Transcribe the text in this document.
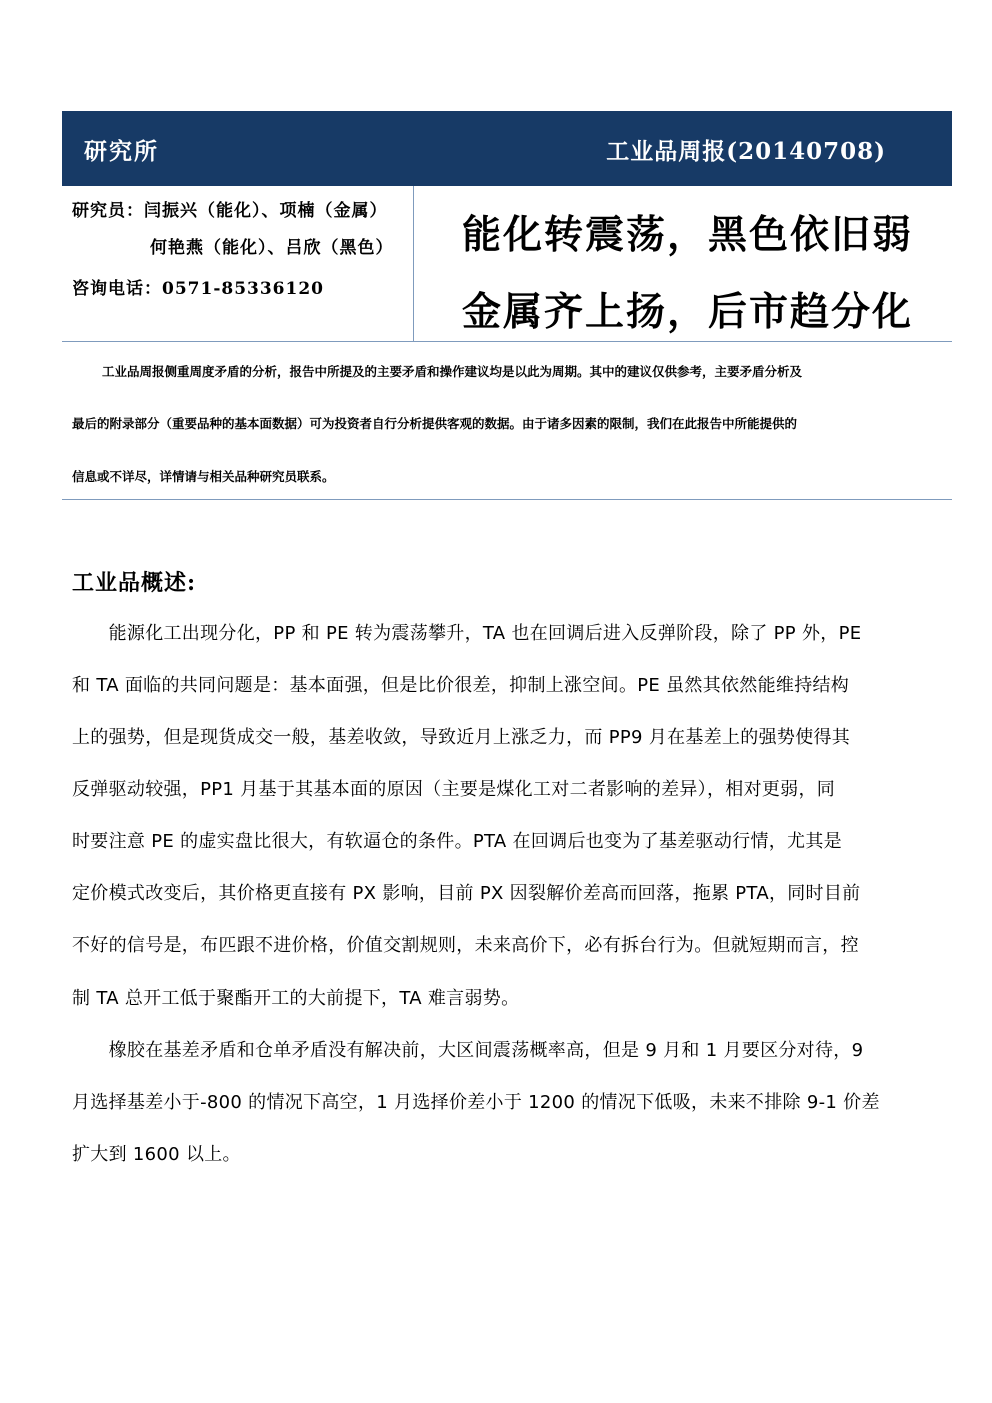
研究所	工业品周报(20140708)
研究员：闫振兴（能化）、项楠（金属）
何艳燕（能化）、吕欣（黑色）
咨询电话：0571-85336120
能化转震荡，黑色依旧弱
金属齐上扬，后市趋分化

工业品周报侧重周度矛盾的分析，报告中所提及的主要矛盾和操作建议均是以此为周期。其中的建议仅供参考，主要矛盾分析及

最后的附录部分（重要品种的基本面数据）可为投资者自行分析提供客观的数据。由于诸多因素的限制，我们在此报告中所能提供的

信息或不详尽，详情请与相关品种研究员联系。

工业品概述:
　　能源化工出现分化，PP 和 PE 转为震荡攀升，TA 也在回调后进入反弹阶段，除了 PP 外，PE
和 TA 面临的共同问题是：基本面强，但是比价很差，抑制上涨空间。PE 虽然其依然能维持结构
上的强势，但是现货成交一般，基差收敛，导致近月上涨乏力，而 PP9 月在基差上的强势使得其
反弹驱动较强，PP1 月基于其基本面的原因（主要是煤化工对二者影响的差异），相对更弱，同
时要注意 PE 的虚实盘比很大，有软逼仓的条件。PTA 在回调后也变为了基差驱动行情，尤其是
定价模式改变后，其价格更直接有 PX 影响，目前 PX 因裂解价差高而回落，拖累 PTA，同时目前
不好的信号是，布匹跟不进价格，价值交割规则，未来高价下，必有拆台行为。但就短期而言，控
制 TA 总开工低于聚酯开工的大前提下，TA 难言弱势。
　　橡胶在基差矛盾和仓单矛盾没有解决前，大区间震荡概率高，但是 9 月和 1 月要区分对待，9
月选择基差小于-800 的情况下高空，1 月选择价差小于 1200 的情况下低吸，未来不排除 9-1 价差
扩大到 1600 以上。
